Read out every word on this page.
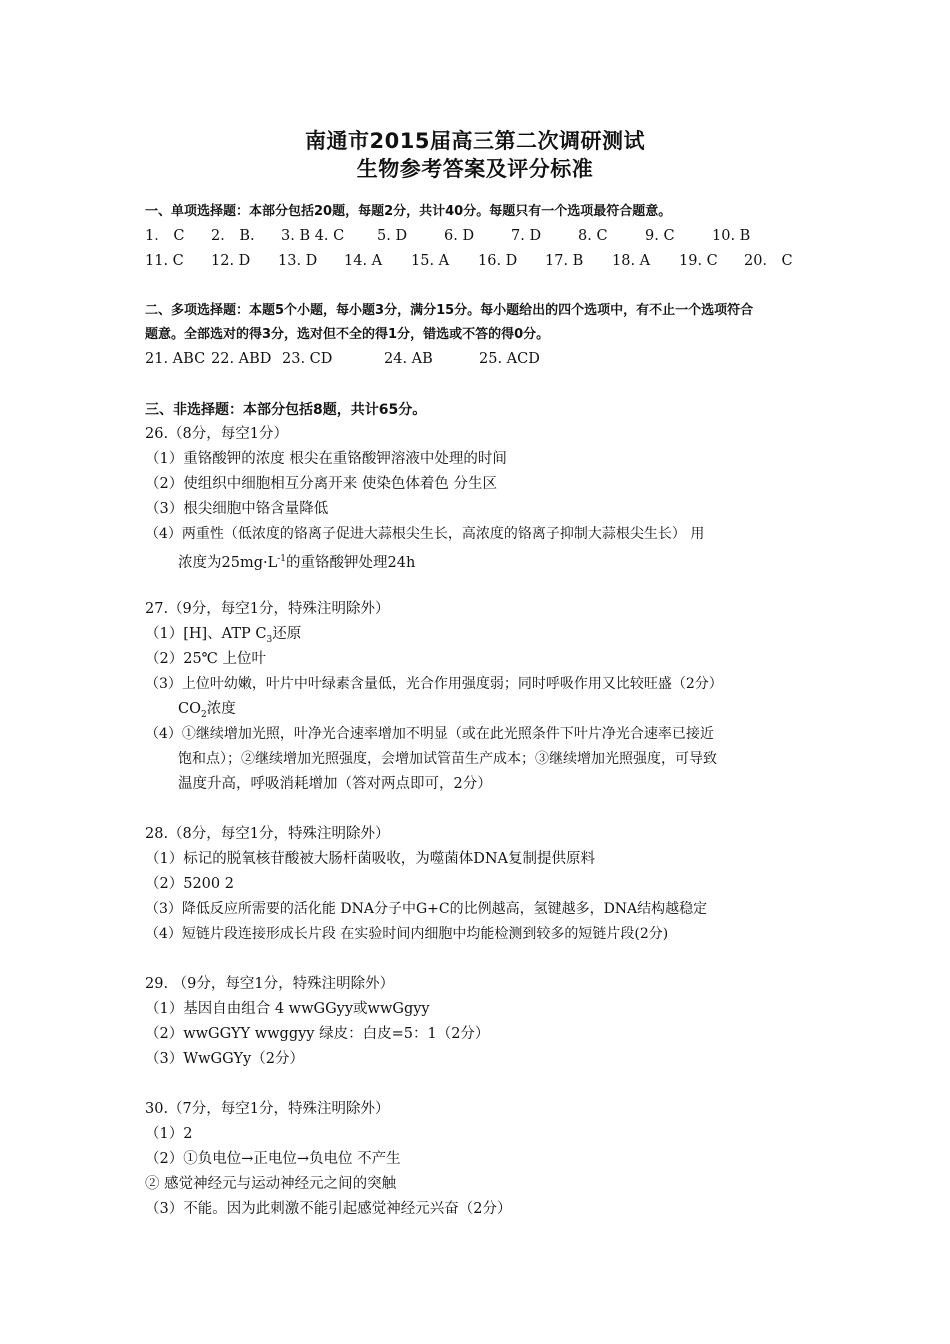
南通市2015届高三第二次调研测试
生物参考答案及评分标准
一、单项选择题：本部分包括20题，每题2分，共计40分。每题只有一个选项最符合题意。
1． C 2． B. 3. B 4. C 5. D	6. D	7. D	8. C	9. C	10. B
11. C 12. D 13. D 14. A 15. A 16. D 17. B 18. A 19. C 20． C
二、多项选择题：本题5个小题，每小题3分，满分15分。每小题给出的四个选项中，有不止一个选项符合
题意。全部选对的得3分，选对但不全的得1分，错选或不答的得0分。
21. ABC 22. ABD 23. CD	24. AB	25. ACD
三、非选择题：本部分包括8题，共计65分。
26.（8分，每空1分）
（1）重铬酸钾的浓度 根尖在重铬酸钾溶液中处理的时间
（2）使组织中细胞相互分离开来 使染色体着色 分生区
（3）根尖细胞中铬含量降低
（4）两重性（低浓度的铬离子促进大蒜根尖生长，高浓度的铬离子抑制大蒜根尖生长） 用
浓度为$25mg\cdot L^{-1}$的重铬酸钾处理24h
27.（9分，每空1分，特殊注明除外）
（1）[H]、ATP $C_3$还原
（2）25℃ 上位叶
（3）上位叶幼嫩，叶片中叶绿素含量低，光合作用强度弱；同时呼吸作用又比较旺盛（2分）
$CO_2$浓度
（4）①继续增加光照，叶净光合速率增加不明显（或在此光照条件下叶片净光合速率已接近
饱和点）；②继续增加光照强度，会增加试管苗生产成本；③继续增加光照强度，可导致
温度升高，呼吸消耗增加（答对两点即可，2分）
28.（8分，每空1分，特殊注明除外）
（1）标记的脱氧核苷酸被大肠杆菌吸收，为噬菌体DNA复制提供原料
（2）5200 2
（3）降低反应所需要的活化能 DNA分子中G+C的比例越高，氢键越多，DNA结构越稳定
（4）短链片段连接形成长片段 在实验时间内细胞中均能检测到较多的短链片段(2分)
29. （9分，每空1分，特殊注明除外）
（1）基因自由组合 4 wwGGyy或wwGgyy
（2）wwGGYY wwggyy 绿皮：白皮=5：1（2分）
（3）WwGGYy（2分）
30.（7分，每空1分，特殊注明除外）
（1）2
（2）①负电位→正电位→负电位 不产生
② 感觉神经元与运动神经元之间的突触
（3）不能。因为此刺激不能引起感觉神经元兴奋（2分）
